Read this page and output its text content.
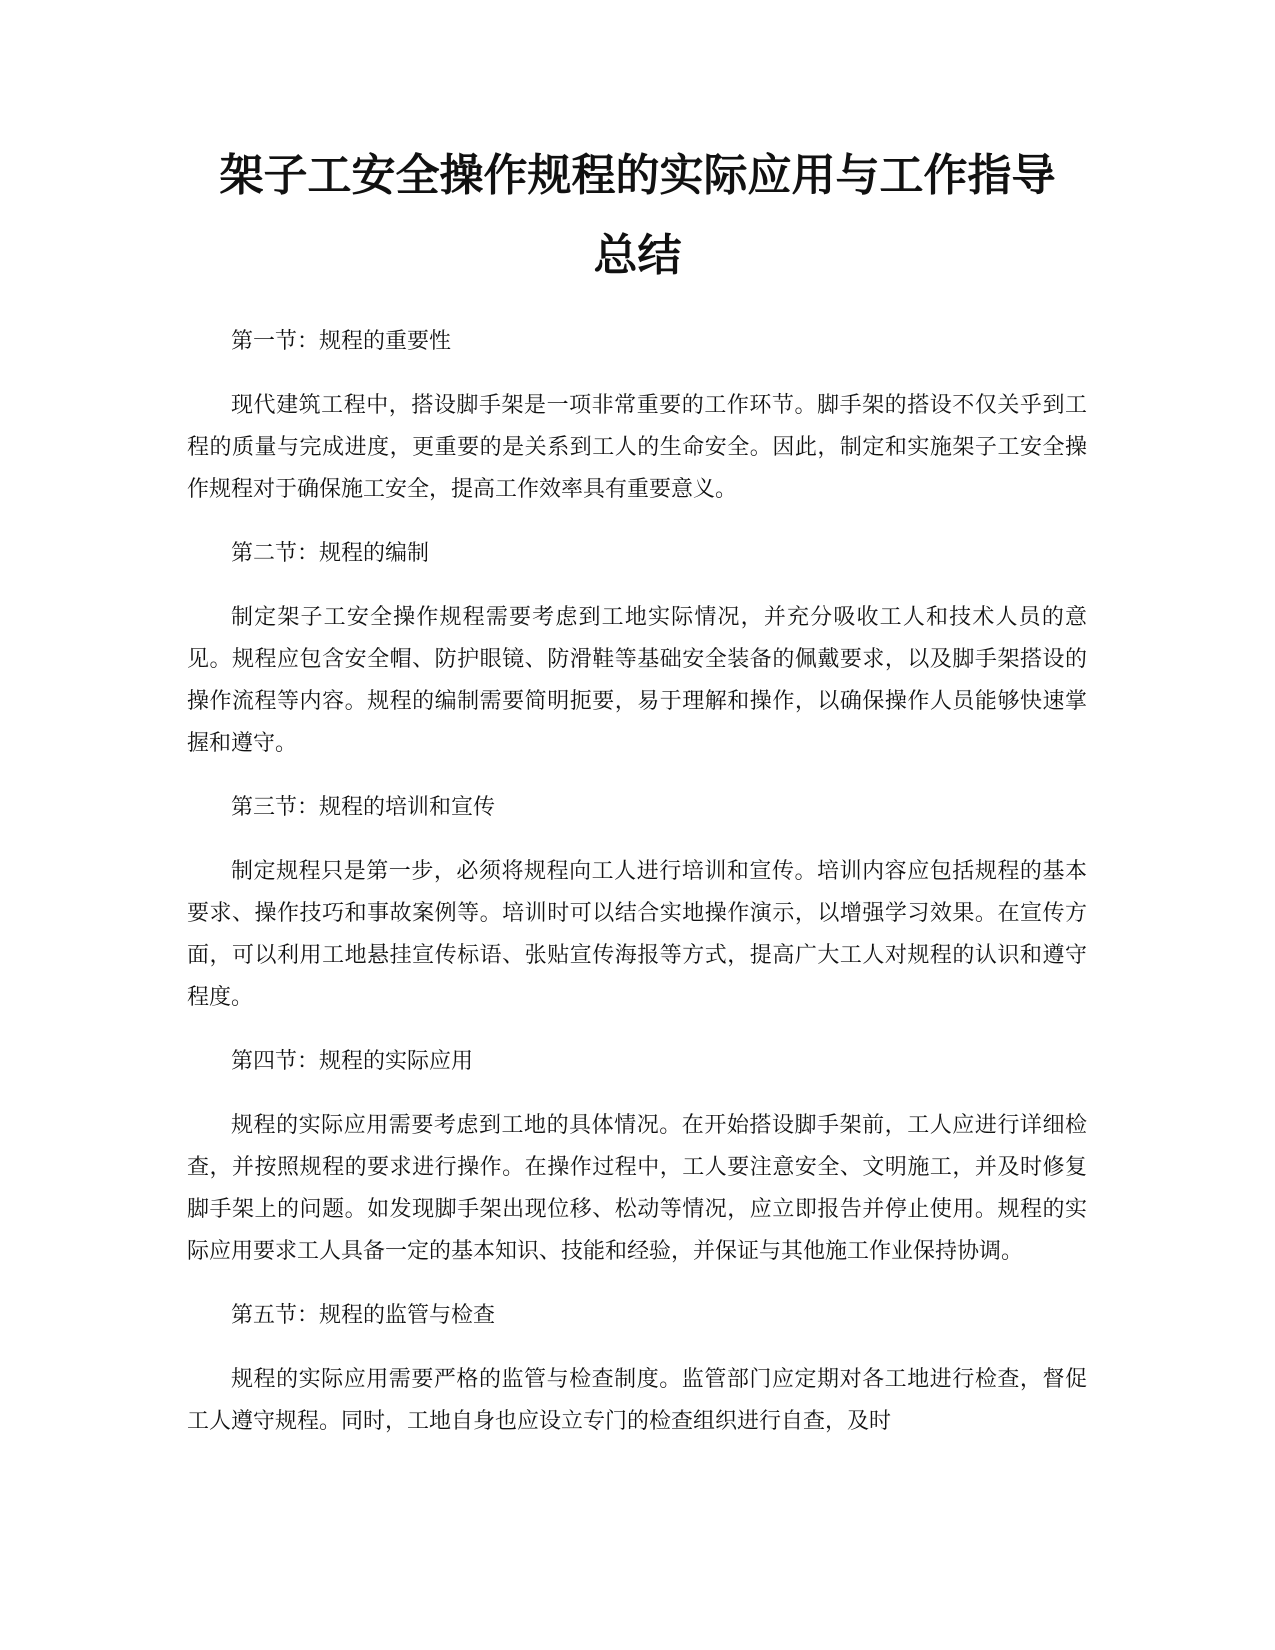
架子工安全操作规程的实际应用与工作指导
总结

第一节：规程的重要性

现代建筑工程中，搭设脚手架是一项非常重要的工作环节。脚手架的搭设不仅关乎到工程的质量与完成进度，更重要的是关系到工人的生命安全。因此，制定和实施架子工安全操作规程对于确保施工安全，提高工作效率具有重要意义。

第二节：规程的编制

制定架子工安全操作规程需要考虑到工地实际情况，并充分吸收工人和技术人员的意见。规程应包含安全帽、防护眼镜、防滑鞋等基础安全装备的佩戴要求，以及脚手架搭设的操作流程等内容。规程的编制需要简明扼要，易于理解和操作，以确保操作人员能够快速掌握和遵守。

第三节：规程的培训和宣传

制定规程只是第一步，必须将规程向工人进行培训和宣传。培训内容应包括规程的基本要求、操作技巧和事故案例等。培训时可以结合实地操作演示，以增强学习效果。在宣传方面，可以利用工地悬挂宣传标语、张贴宣传海报等方式，提高广大工人对规程的认识和遵守程度。

第四节：规程的实际应用

规程的实际应用需要考虑到工地的具体情况。在开始搭设脚手架前，工人应进行详细检查，并按照规程的要求进行操作。在操作过程中，工人要注意安全、文明施工，并及时修复脚手架上的问题。如发现脚手架出现位移、松动等情况，应立即报告并停止使用。规程的实际应用要求工人具备一定的基本知识、技能和经验，并保证与其他施工作业保持协调。

第五节：规程的监管与检查

规程的实际应用需要严格的监管与检查制度。监管部门应定期对各工地进行检查，督促工人遵守规程。同时，工地自身也应设立专门的检查组织进行自查，及时
